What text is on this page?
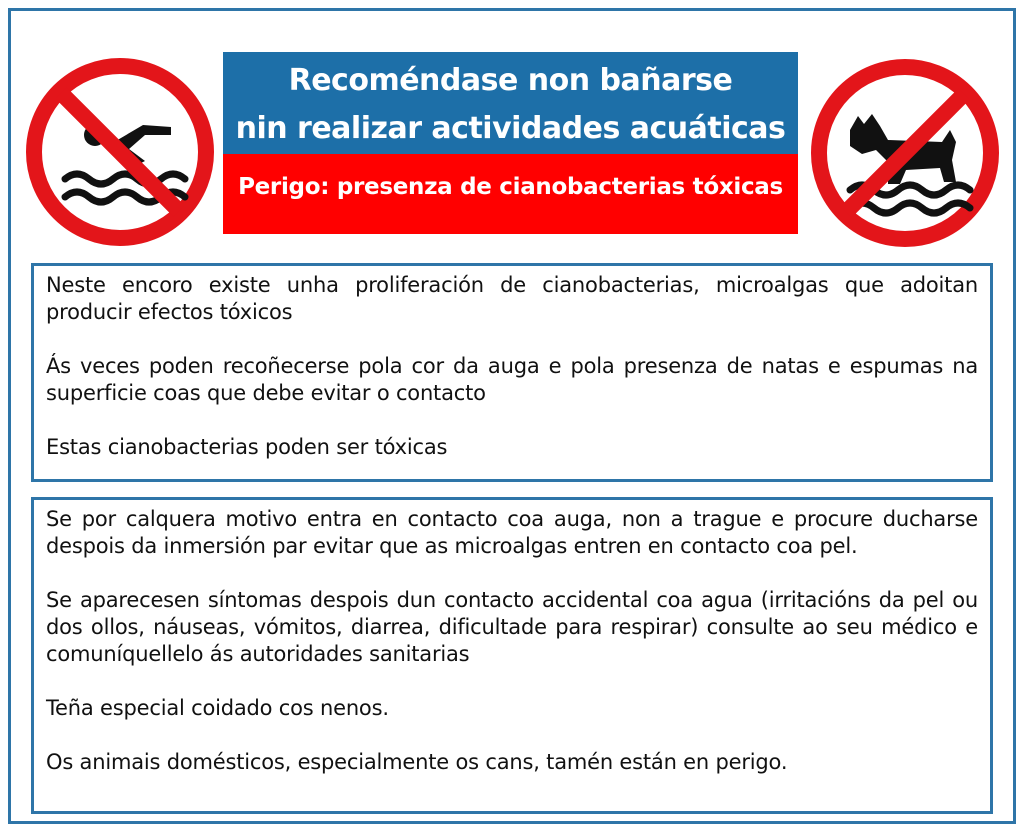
Recoméndase non bañarse
nin realizar actividades acuáticas
Perigo: presenza de cianobacterias tóxicas

Neste encoro existe unha proliferación de cianobacterias, microalgas que adoitan producir efectos tóxicos

Ás veces poden recoñecerse pola cor da auga e pola presenza de natas e espumas na superficie coas que debe evitar o contacto

Estas cianobacterias poden ser tóxicas

Se por calquera motivo entra en contacto coa auga, non a trague e procure ducharse despois da inmersión par evitar que as microalgas entren en contacto coa pel.

Se aparecesen síntomas despois dun contacto accidental coa agua (irritacións da pel ou dos ollos, náuseas, vómitos, diarrea, dificultade para respirar) consulte ao seu médico e comuníquellelo ás autoridades sanitarias

Teña especial coidado cos nenos.

Os animais domésticos, especialmente os cans, tamén están en perigo.
